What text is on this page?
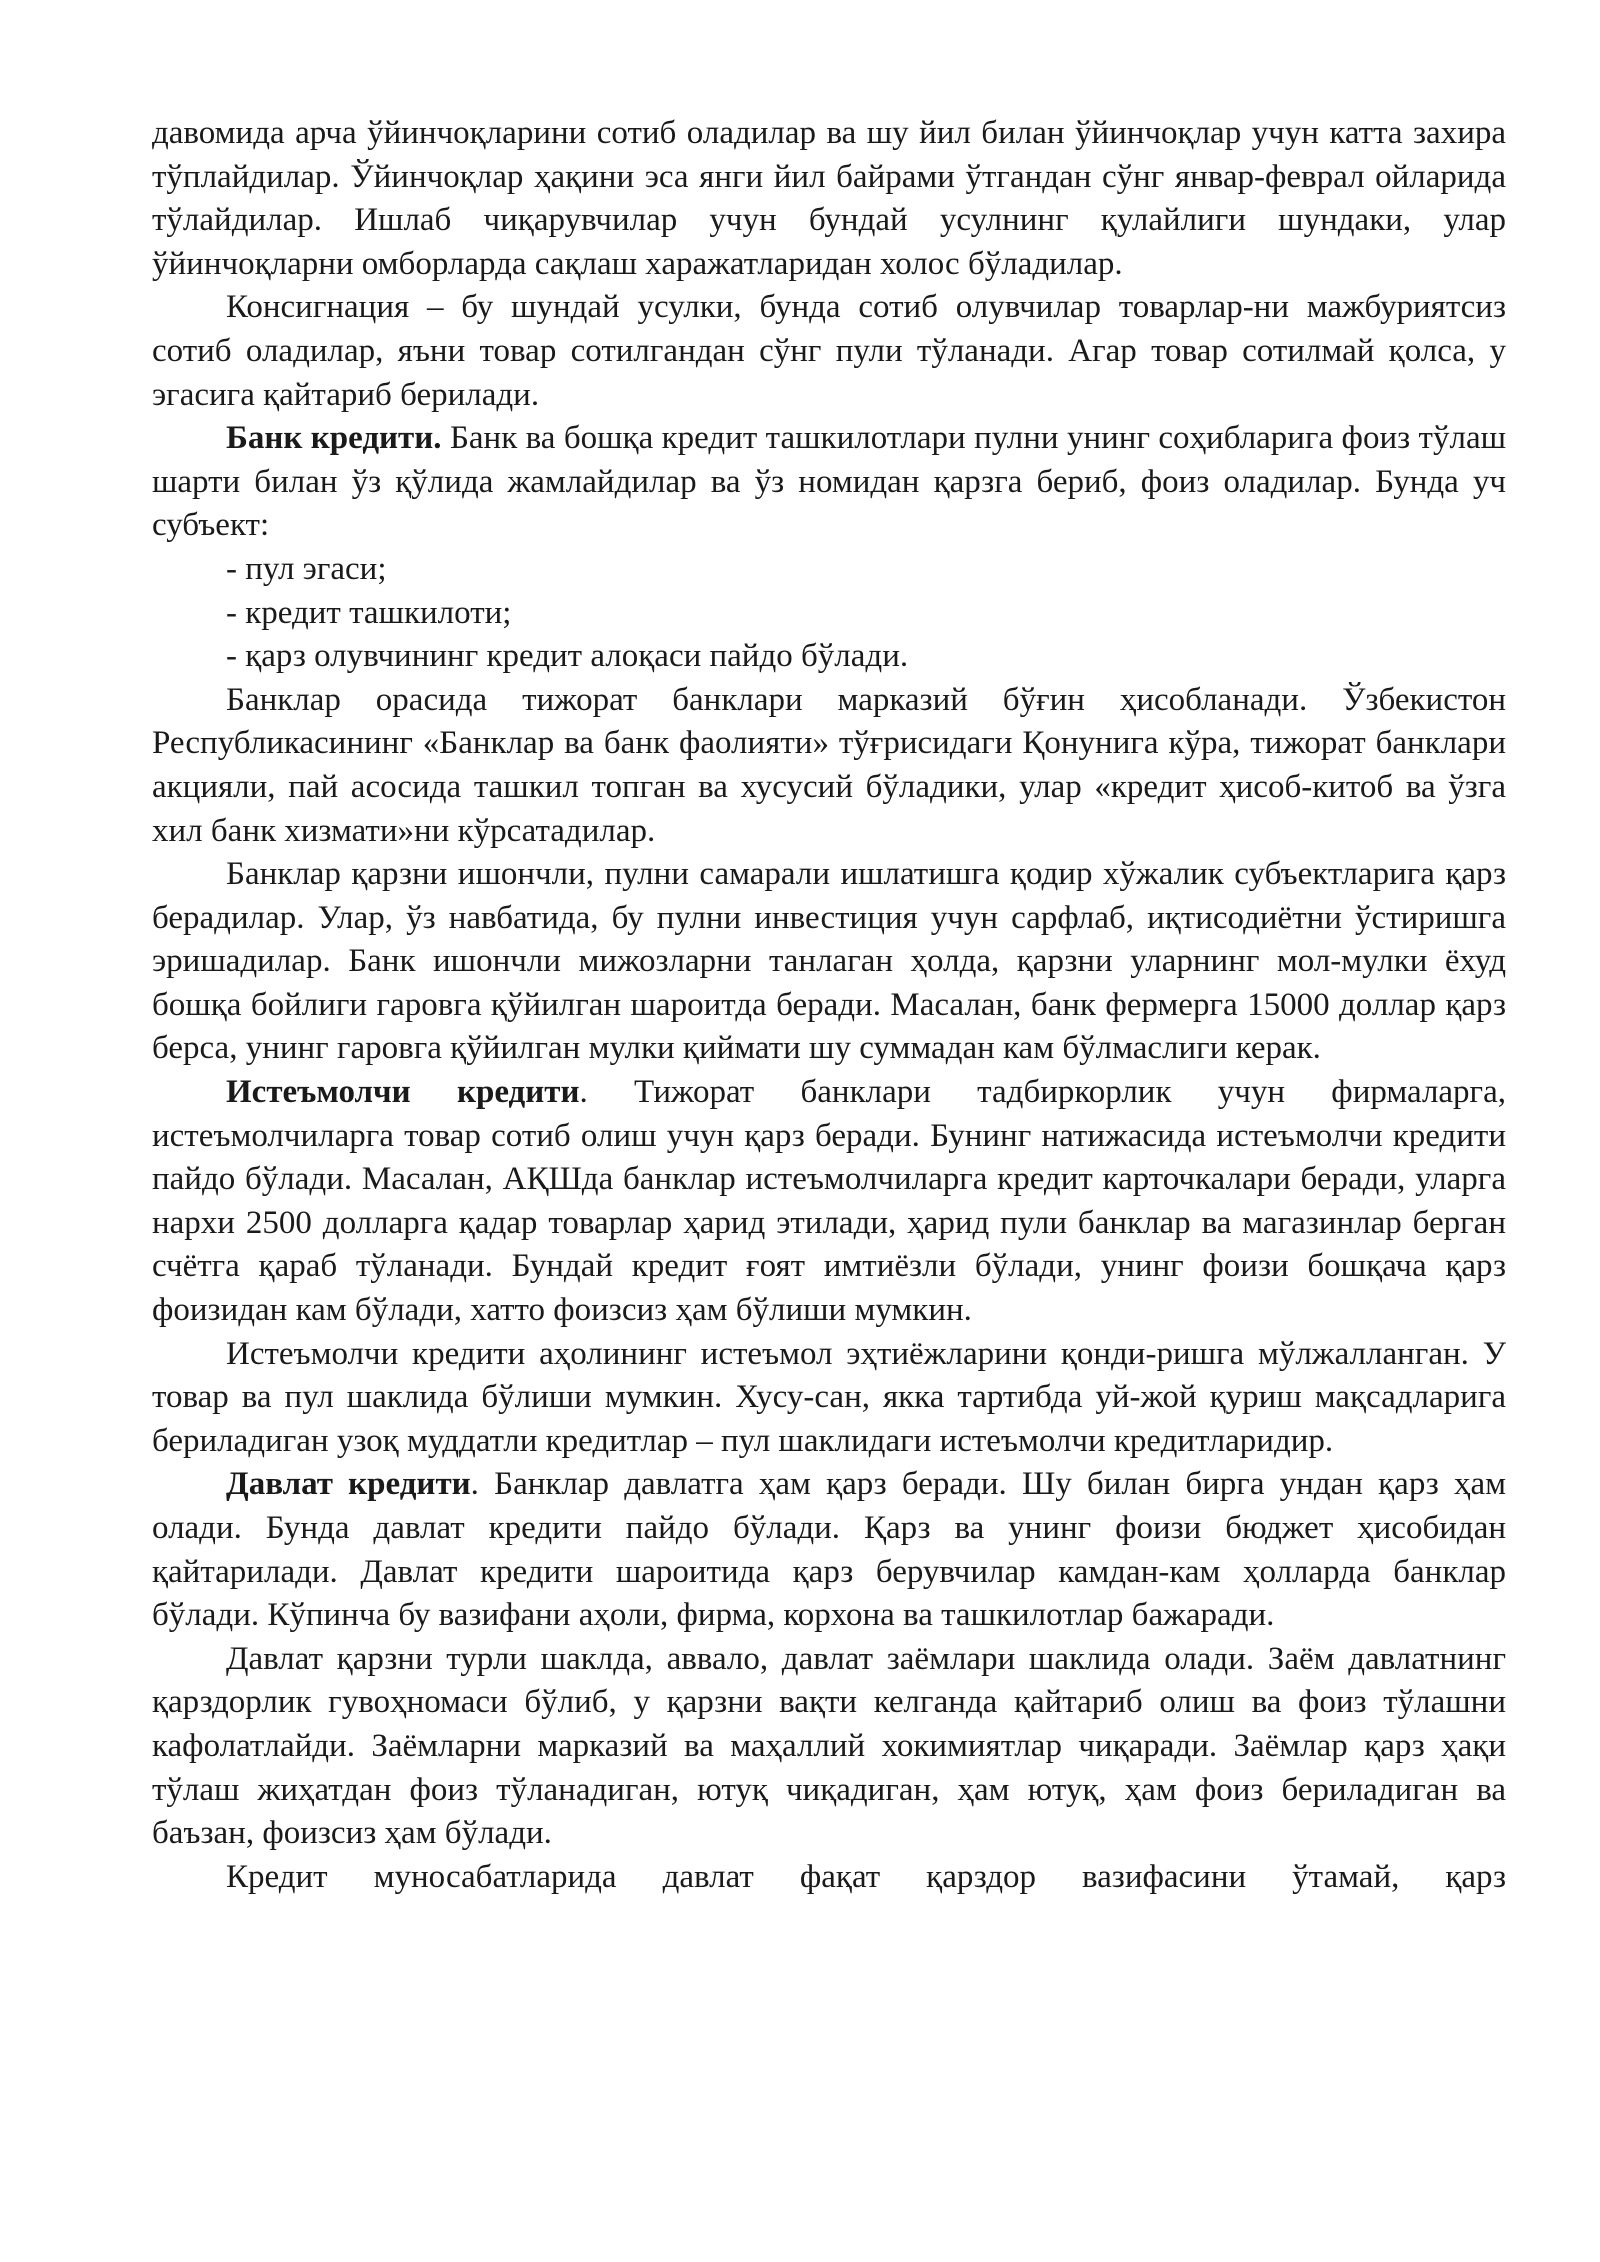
давомида арча ўйинчоқларини сотиб оладилар ва шу йил билан ўйинчоқлар учун катта захира тўплайдилар. Ўйинчоқлар ҳақини эса янги йил байрами ўтгандан сўнг январ-феврал ойларида тўлайдилар. Ишлаб чиқарувчилар учун бундай усулнинг қулайлиги шундаки, улар ўйинчоқларни омборларда сақлаш харажатларидан холос бўладилар.

Консигнация – бу шундай усулки, бунда сотиб олувчилар товарлар-ни мажбуриятсиз сотиб оладилар, яъни товар сотилгандан сўнг пули тўланади. Агар товар сотилмай қолса, у эгасига қайтариб берилади.

Банк кредити. Банк ва бошқа кредит ташкилотлари пулни унинг соҳибларига фоиз тўлаш шарти билан ўз қўлида жамлайдилар ва ўз номидан қарзга бериб, фоиз оладилар. Бунда уч субъект:

- пул эгаси;

- кредит ташкилоти;

- қарз олувчининг кредит алоқаси пайдо бўлади.

Банклар орасида тижорат банклари марказий бўғин ҳисобланади. Ўзбекистон Республикасининг «Банклар ва банк фаолияти» тўғрисидаги Қонунига кўра, тижорат банклари акцияли, пай асосида ташкил топган ва хусусий бўладики, улар «кредит ҳисоб-китоб ва ўзга хил банк хизмати»ни кўрсатадилар.

Банклар қарзни ишончли, пулни самарали ишлатишга қодир хўжалик субъектларига қарз берадилар. Улар, ўз навбатида, бу пулни инвестиция учун сарфлаб, иқтисодиётни ўстиришга эришадилар. Банк ишончли мижозларни танлаган ҳолда, қарзни уларнинг мол-мулки ёхуд бошқа бойлиги гаровга қўйилган шароитда беради. Масалан, банк фермерга 15000 доллар қарз берса, унинг гаровга қўйилган мулки қиймати шу суммадан кам бўлмаслиги керак.

Истеъмолчи кредити. Тижорат банклари тадбиркорлик учун фирмаларга, истеъмолчиларга товар сотиб олиш учун қарз беради. Бунинг натижасида истеъмолчи кредити пайдо бўлади. Масалан, АҚШда банклар истеъмолчиларга кредит карточкалари беради, уларга нархи 2500 долларга қадар товарлар ҳарид этилади, ҳарид пули банклар ва магазинлар берган счётга қараб тўланади. Бундай кредит ғоят имтиёзли бўлади, унинг фоизи бошқача қарз фоизидан кам бўлади, хатто фоизсиз ҳам бўлиши мумкин.

Истеъмолчи кредити аҳолининг истеъмол эҳтиёжларини қонди-ришга мўлжалланган. У товар ва пул шаклида бўлиши мумкин. Хусу-сан, якка тартибда уй-жой қуриш мақсадларига бериладиган узоқ муддатли кредитлар – пул шаклидаги истеъмолчи кредитларидир.

Давлат кредити. Банклар давлатга ҳам қарз беради. Шу билан бирга ундан қарз ҳам олади. Бунда давлат кредити пайдо бўлади. Қарз ва унинг фоизи бюджет ҳисобидан қайтарилади. Давлат кредити шароитида қарз берувчилар камдан-кам ҳолларда банклар бўлади. Кўпинча бу вазифани аҳоли, фирма, корхона ва ташкилотлар бажаради.

Давлат қарзни турли шаклда, аввало, давлат заёмлари шаклида олади. Заём давлатнинг қарздорлик гувоҳномаси бўлиб, у қарзни вақти келганда қайтариб олиш ва фоиз тўлашни кафолатлайди. Заёмларни марказий ва маҳаллий хокимиятлар чиқаради. Заёмлар қарз ҳақи тўлаш жиҳатдан фоиз тўланадиган, ютуқ чиқадиган, ҳам ютуқ, ҳам фоиз бериладиган ва баъзан, фоизсиз ҳам бўлади.

Кредит муносабатларида давлат фақат қарздор вазифасини ўтамай, қарз
